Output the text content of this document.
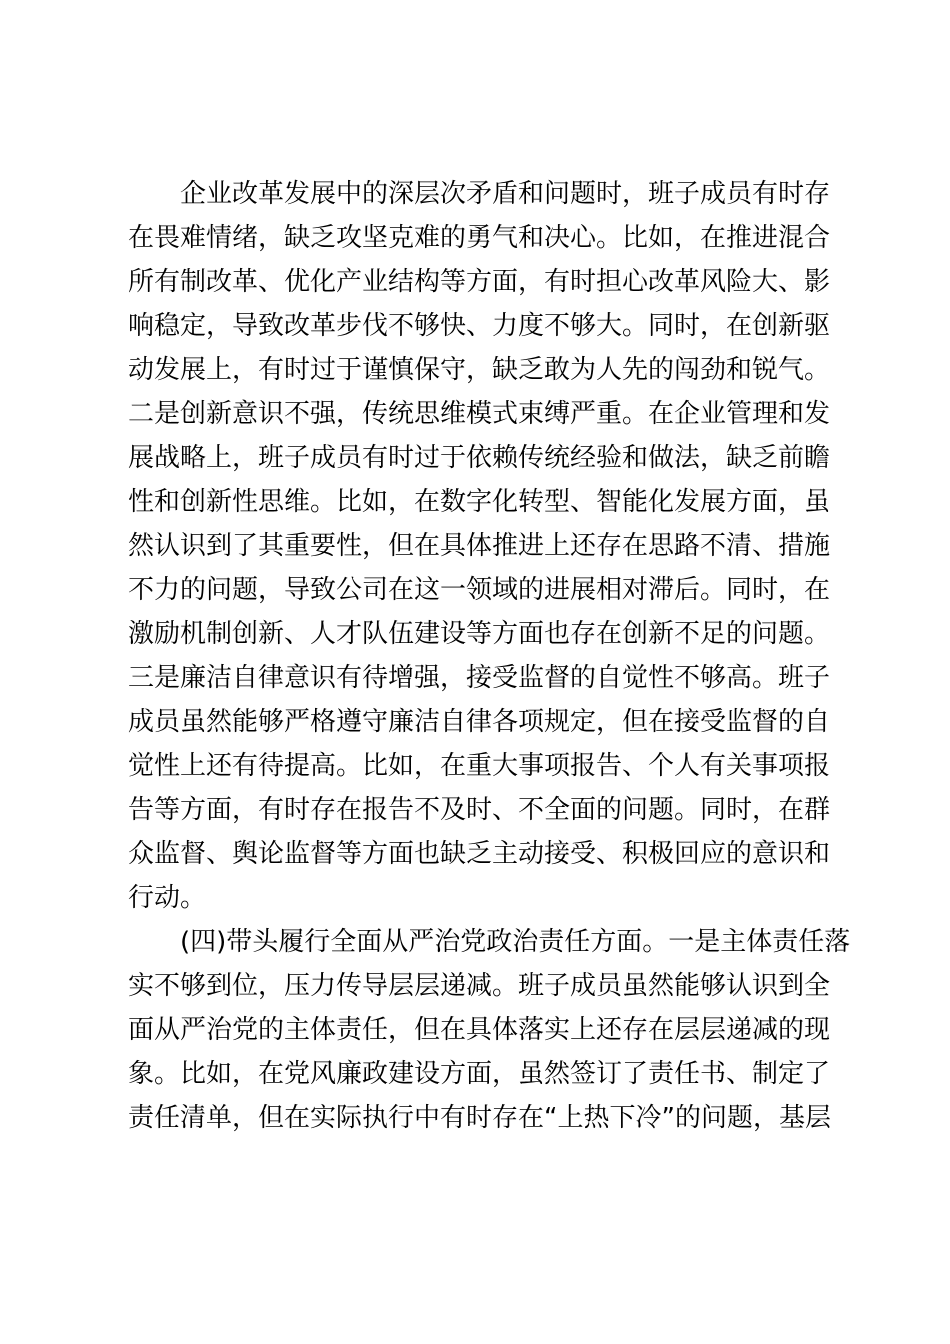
企业改革发展中的深层次矛盾和问题时，班子成员有时存
在畏难情绪，缺乏攻坚克难的勇气和决心。比如，在推进混合
所有制改革、优化产业结构等方面，有时担心改革风险大、影
响稳定，导致改革步伐不够快、力度不够大。同时，在创新驱
动发展上，有时过于谨慎保守，缺乏敢为人先的闯劲和锐气。
二是创新意识不强，传统思维模式束缚严重。在企业管理和发
展战略上，班子成员有时过于依赖传统经验和做法，缺乏前瞻
性和创新性思维。比如，在数字化转型、智能化发展方面，虽
然认识到了其重要性，但在具体推进上还存在思路不清、措施
不力的问题，导致公司在这一领域的进展相对滞后。同时，在
激励机制创新、人才队伍建设等方面也存在创新不足的问题。
三是廉洁自律意识有待增强，接受监督的自觉性不够高。班子
成员虽然能够严格遵守廉洁自律各项规定，但在接受监督的自
觉性上还有待提高。比如，在重大事项报告、个人有关事项报
告等方面，有时存在报告不及时、不全面的问题。同时，在群
众监督、舆论监督等方面也缺乏主动接受、积极回应的意识和
行动。
(四)带头履行全面从严治党政治责任方面。一是主体责任落
实不够到位，压力传导层层递减。班子成员虽然能够认识到全
面从严治党的主体责任，但在具体落实上还存在层层递减的现
象。比如，在党风廉政建设方面，虽然签订了责任书、制定了
责任清单，但在实际执行中有时存在“上热下冷”的问题，基层
